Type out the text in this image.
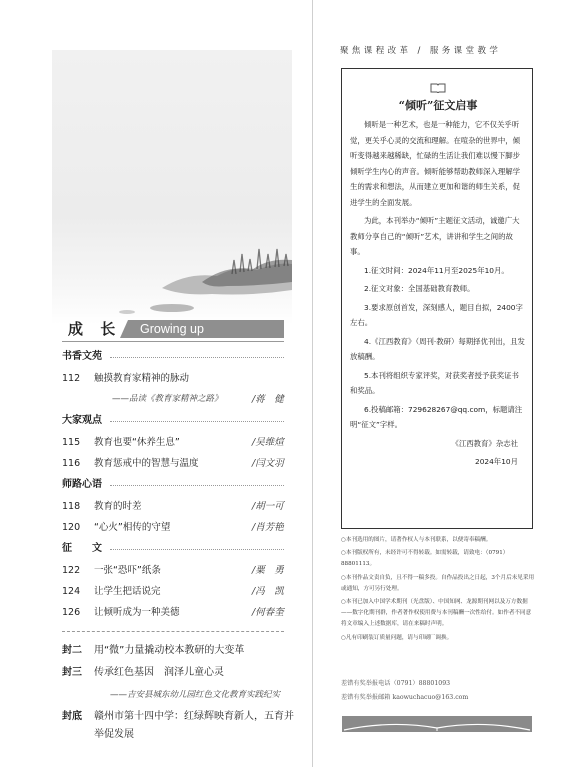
成 长 Growing up
书香文苑
112	触摸教育家精神的脉动
——品读《教育家精神之路》	/蒋　健
大家观点
115	教育也要“休养生息”	/吴维煊
116	教育惩戒中的智慧与温度	/闫文羽
师路心语
118	教育的时差	/胡一可
120	“心火”相传的守望	/肖芳艳
征　　文
122	一张“恐吓”纸条	/粟　勇
124	让学生把话说完	/冯　凯
126	让倾听成为一种美德	/何春奎
封二 用“微”力量撬动校本教研的大变革
封三 传承红色基因　润泽儿童心灵
——吉安县城东幼儿园红色文化教育实践纪实
封底	赣州市第十四中学：红绿辉映育新人，五育并举促发展
聚焦课程改革 / 服务课堂教学
“倾听”征文启事

倾听是一种艺术，也是一种能力，它不仅关乎听觉，更关乎心灵的交流和理解。在喧杂的世界中，倾听变得越来越稀缺，忙碌的生活让我们难以慢下脚步倾听学生内心的声音。倾听能够帮助教师深入理解学生的需求和想法，从而建立更加和谐的师生关系，促进学生的全面发展。

为此，本刊举办“倾听”主题征文活动，诚邀广大教师分享自己的“倾听”艺术，讲讲和学生之间的故事。

1.征文时间：2024年11月至2025年10月。

2.征文对象：全国基础教育教师。

3.要求原创首发，深刻感人，题目自拟，2400字左右。

4.《江西教育》（周刊·教研）每期择优刊出，且发放稿酬。

5.本刊将组织专家评奖，对获奖者授予获奖证书和奖品。

6.投稿邮箱：729628267@qq.com，标题请注明“征文”字样。

《江西教育》杂志社

2024年10月

○本刊选用的图片，请著作权人与本刊联系，以便寄奉稿酬。
○本刊版权所有，未经许可不得转载。如需转载，请致电：（0791）88801113。
○本刊作品文责自负，且不得一稿多投。自作品投出之日起，3个月后未见采用或通知，方可另行处理。
○本刊已加入中国学术期刊（光盘版）、中国知网、龙源期刊网以及万方数据——数字化期刊群，作者著作权使用费与本刊稿酬一次性给付。如作者不同意将文章编入上述数据库，请在来稿时声明。
○凡有印刷装订质量问题，请与印刷厂调换。
差错有奖举报电话（0791）88801093
差错有奖举报邮箱 kaowuchacuo@163.com
